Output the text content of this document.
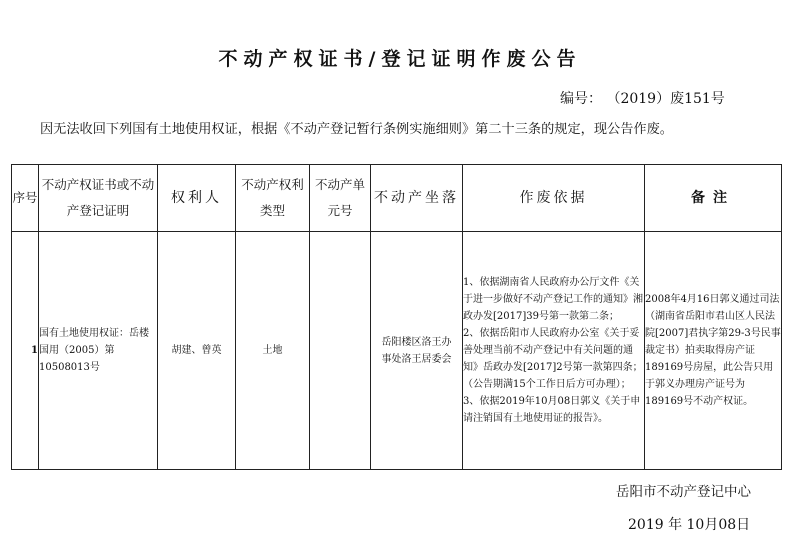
不动产权证书/登记证明作废公告
编号： （2019）废151号
因无法收回下列国有土地使用权证，根据《不动产登记暂行条例实施细则》第二十三条的规定，现公告作废。
序号	不动产权证书或不动产登记证明	权利人	不动产权利类型	不动产单元号	不动产坐落	作废依据	备注
1	国有土地使用权证：岳楼国用（2005）第10508013号	胡建、曾英	土地		岳阳楼区洛王办事处洛王居委会	1、依据湖南省人民政府办公厅文件《关于进一步做好不动产登记工作的通知》湘政办发[2017]39号第一款第二条；
2、依据岳阳市人民政府办公室《关于妥善处理当前不动产登记中有关问题的通知》岳政办发[2017]2号第一款第四条；（公告期满15个工作日后方可办理）；
3、依据2019年10月08日郭义《关于申请注销国有土地使用证的报告》。	2008年4月16日郭义通过司法（湖南省岳阳市君山区人民法院[2007]君执字第29-3号民事裁定书）拍卖取得房产证189169号房屋，此公告只用于郭义办理房产证号为189169号不动产权证。
岳阳市不动产登记中心
2019 年 10月08日
